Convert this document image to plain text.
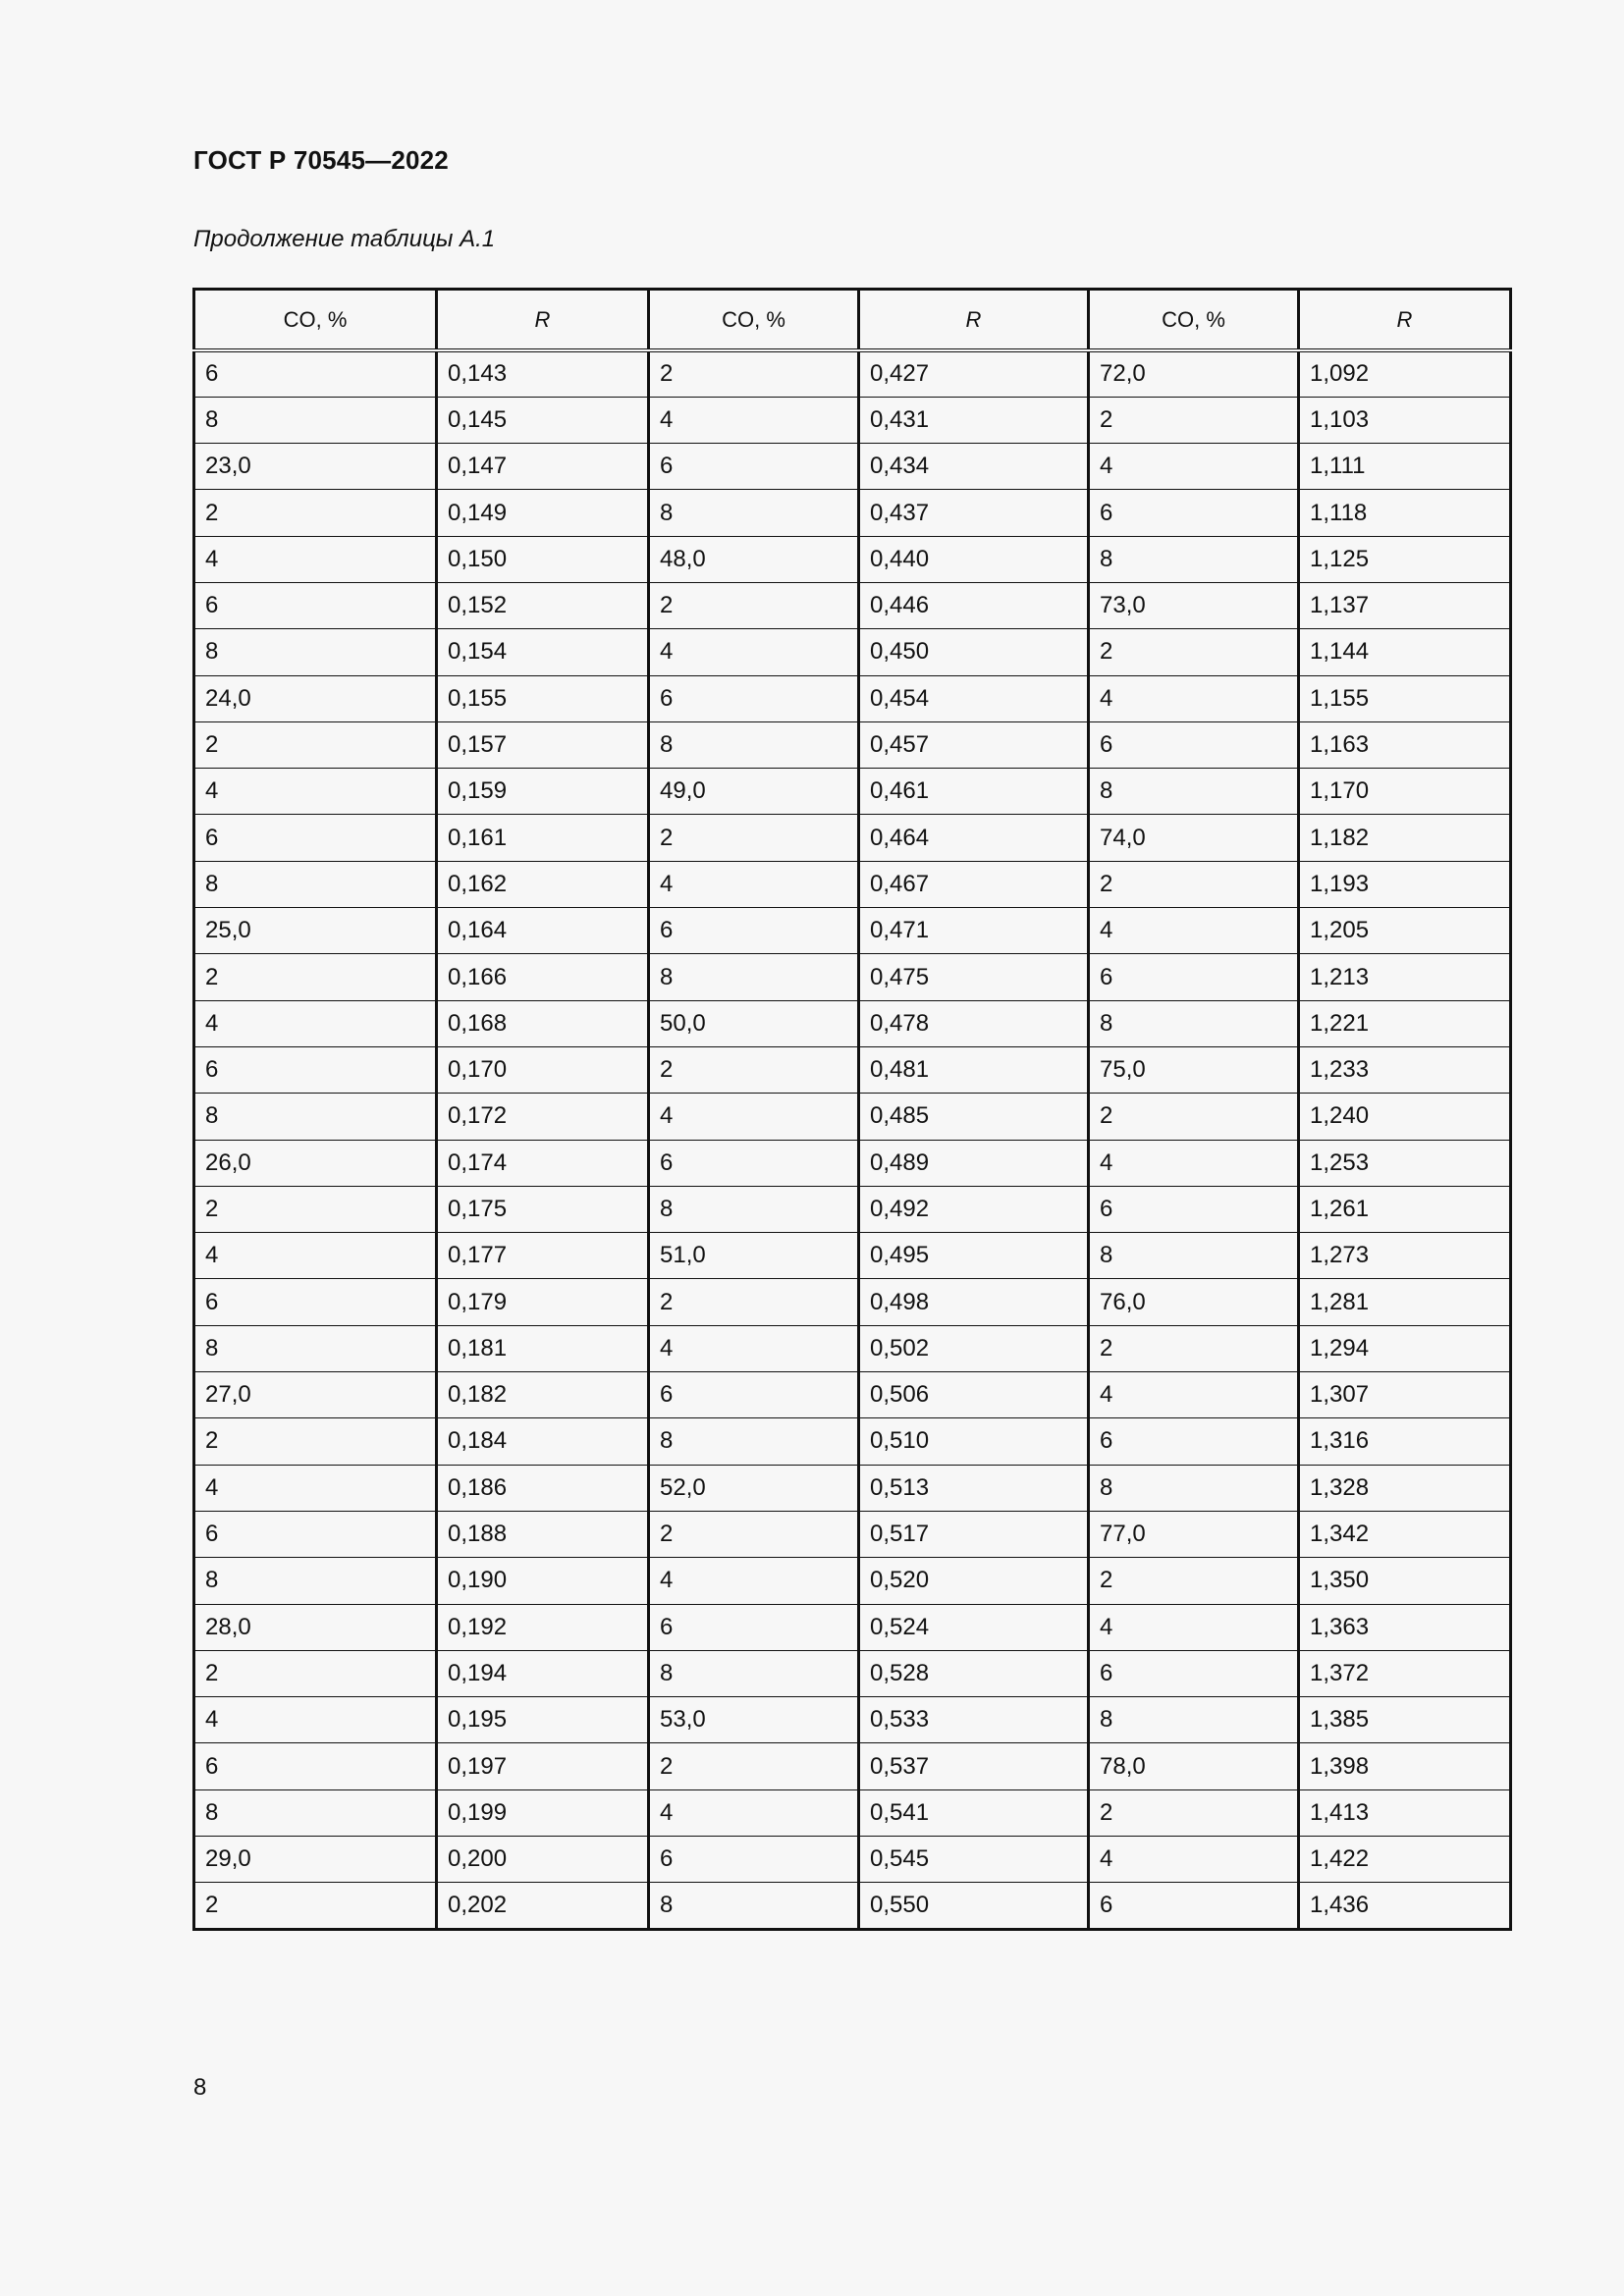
ГОСТ Р 70545—2022
Продолжение таблицы А.1
CO, %	R	CO, %	R	CO, %	R
6	0,143	2	0,427	72,0	1,092
8	0,145	4	0,431	2	1,103
23,0	0,147	6	0,434	4	1,111
2	0,149	8	0,437	6	1,118
4	0,150	48,0	0,440	8	1,125
6	0,152	2	0,446	73,0	1,137
8	0,154	4	0,450	2	1,144
24,0	0,155	6	0,454	4	1,155
2	0,157	8	0,457	6	1,163
4	0,159	49,0	0,461	8	1,170
6	0,161	2	0,464	74,0	1,182
8	0,162	4	0,467	2	1,193
25,0	0,164	6	0,471	4	1,205
2	0,166	8	0,475	6	1,213
4	0,168	50,0	0,478	8	1,221
6	0,170	2	0,481	75,0	1,233
8	0,172	4	0,485	2	1,240
26,0	0,174	6	0,489	4	1,253
2	0,175	8	0,492	6	1,261
4	0,177	51,0	0,495	8	1,273
6	0,179	2	0,498	76,0	1,281
8	0,181	4	0,502	2	1,294
27,0	0,182	6	0,506	4	1,307
2	0,184	8	0,510	6	1,316
4	0,186	52,0	0,513	8	1,328
6	0,188	2	0,517	77,0	1,342
8	0,190	4	0,520	2	1,350
28,0	0,192	6	0,524	4	1,363
2	0,194	8	0,528	6	1,372
4	0,195	53,0	0,533	8	1,385
6	0,197	2	0,537	78,0	1,398
8	0,199	4	0,541	2	1,413
29,0	0,200	6	0,545	4	1,422
2	0,202	8	0,550	6	1,436
8
